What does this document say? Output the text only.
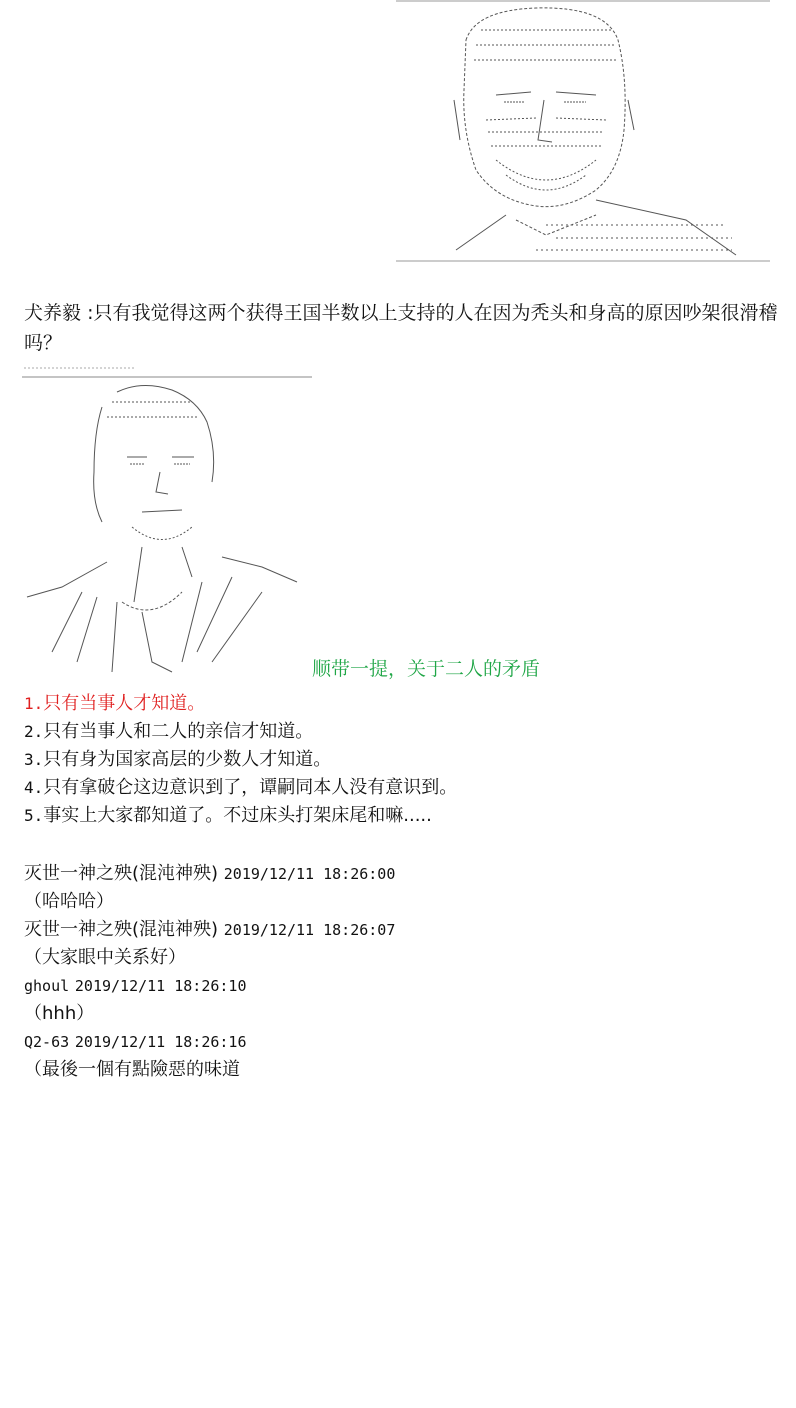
犬养毅 :只有我觉得这两个获得王国半数以上支持的人在因为秃头和身高的原因吵架很滑稽吗？

顺带一提，关于二人的矛盾

1.只有当事人才知道。
2.只有当事人和二人的亲信才知道。
3.只有身为国家高层的少数人才知道。
4.只有拿破仑这边意识到了，谭嗣同本人没有意识到。
5.事实上大家都知道了。不过床头打架床尾和嘛.....
灭世一神之殃(混沌神殃) 2019/12/11 18:26:00
（哈哈哈）
灭世一神之殃(混沌神殃) 2019/12/11 18:26:07
（大家眼中关系好）
ghoul 2019/12/11 18:26:10
（hhh）
Q2-63 2019/12/11 18:26:16
（最後一個有點險惡的味道
